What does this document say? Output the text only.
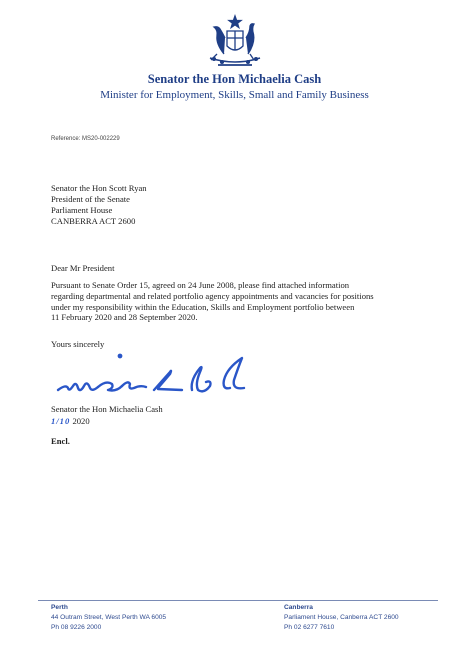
Senator the Hon Michaelia Cash
Minister for Employment, Skills, Small and Family Business
Reference: MS20-002229
Senator the Hon Scott Ryan
President of the Senate
Parliament House
CANBERRA ACT 2600
Dear Mr President
Pursuant to Senate Order 15, agreed on 24 June 2008, please find attached information
regarding departmental and related portfolio agency appointments and vacancies for positions
under my responsibility within the Education, Skills and Employment portfolio between
11 February 2020 and 28 September 2020.
Yours sincerely
Senator the Hon Michaelia Cash
1/10 2020
Encl.
Perth
44 Outram Street, West Perth WA 6005
Ph 08 9226 2000
Canberra
Parliament House, Canberra ACT 2600
Ph 02 6277 7610
